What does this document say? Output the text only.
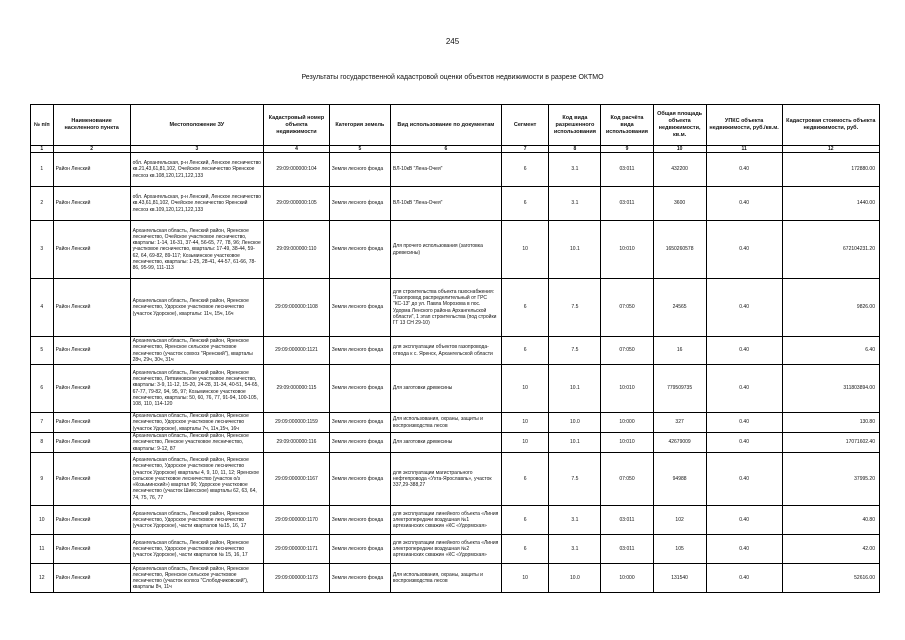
245
Результаты государственной кадастровой оценки объектов недвижимости в разрезе ОКТМО
№ п/п	Наименование населенного пункта	Местоположение ЗУ	Кадастровый номер объекта недвижимости	Категория земель	Вид использование по документам	Сегмент	Код вида разрешенного использования	Код расчёта вида использования	Общая площадь объекта недвижимости, кв.м.	УПКС объекта недвижимости, руб./кв.м.	Кадастровая стоимость объекта недвижимости, руб.
1	2	3	4	5	6	7	8	9	10	11	12
1	Район Ленский	обл. Архангельская, р-н Ленский, Ленское лесничество кв.21,43,61,81,102, Очейское лесничество Яренское лесхоз кв.108,120,121,122,133	29:09:000000:104	Земли лесного фонда	ВЛ-10кВ "Лена-Очея"	6	3.1	03:011	432200	0.40	172880.00
2	Район Ленский	обл. Архангельская, р-н Ленский, Ленское лесничество кв.43,61,81,102, Очейское лесничество Яренский лесхоз кв.109,120,121,122,133	29:09:000000:105	Земли лесного фонда	ВЛ-10кВ "Лена-Очея"	6	3.1	03:011	3600	0.40	1440.00
3	Район Ленский	Архангельская область, Ленский район, Яренское лесничество, Очейское участковое лесничество, кварталы: 1-14, 16-31, 37-44, 56-65, 77, 78, 96; Ленское участковое лесничество, кварталы: 17-49, 38-44, 59-62, 64, 69-82, 89-117; Козьминское участковое лесничество, кварталы: 1-25, 28-41, 44-57, 61-66, 78-86, 95-99, 111-113	29:09:000000:110	Земли лесного фонда	Для прочего использования (заготовка древесины)	10	10.1	10:010	1650260578	0.40	672104231.20
4	Район Ленский	Архангельская область, Ленский район, Яренское лесничество, Удорское участковое лесничество (участок Удорское), кварталы: 11ч, 15ч, 16ч	29:09:000000:1108	Земли лесного фонда	для строительства объекта газоснабжения: "Газопровод распределительный от ГРС "КС-13" до ул. Павла Морозова в пос. Удорма Ленского района Архангельской области", 1 этап строительства (под стройки ГГ 13 СН 29-10)	6	7.5	07:050	24565	0.40	9826.00
5	Район Ленский	Архангельская область, Ленский район, Яренское лесничество, Яренское сельское участковое лесничество (участок совхоз "Яренский"), кварталы 28ч, 29ч, 30ч, 31ч	29:09:000000:1121	Земли лесного фонда	для эксплуатации объектов газопровода-отвода к с. Яренск, Архангельской области	6	7.5	07:050	16	0.40	6.40
6	Район Ленский	Архангельская область, Ленский район, Яренское лесничество, Литвиновское участковое лесничество, кварталы: 3-9, 11-12, 15-20, 24-28, 31-34, 40-51, 54-65, 67-77, 79-82, 94, 95, 97; Козьминское участковое лесничество, кварталы: 50, 60, 76, 77, 91-94, 100-105, 108, 110, 114-120	29:09:000000:115	Земли лесного фонда	Для заготовки древесины	10	10.1	10:010	779509735	0.40	311803894.00
7	Район Ленский	Архангельская область, Ленский район, Яренское лесничество, Удорское участковое лесничество (участок Удорское), кварталы 7ч, 11ч,15ч, 16ч	29:09:000000:1159	Земли лесного фонда	Для использования, охраны, защиты и воспроизводства лесов	10	10.0	10:000	327	0.40	130.80
8	Район Ленский	Архангельская область, Ленский район, Яренское лесничество, Ленское участковое лесничество, кварталы: 9-12, 87	29:09:000000:116	Земли лесного фонда	Для заготовки древесины	10	10.1	10:010	42679009	0.40	17071602.40
9	Район Ленский	Архангельская область, Ленский район, Яренское лесничество, Удорское участковое лесничество (участок Удорское) кварталы 4, 9, 10, 11, 12; Яренское сельское участковое лесничество (участок о/з «Козьминский») квартал 96; Удорское участковое лесничество (участок Шиесское) кварталы 62, 63, 64, 74, 75, 76, 77	29:09:000000:1167	Земли лесного фонда	для эксплуатации магистрального нефтепровода «Ухта-Ярославль», участок 337,29-388,27	6	7.5	07:050	94988	0.40	37995.20
10	Район Ленский	Архангельская область, Ленский район, Яренское лесничество, Удорское участковое лесничество (участок Удорское), части кварталов №15, 16, 17	29:09:000000:1170	Земли лесного фонда	для эксплуатации линейного объекта «Линия электропередачи воздушная №1 артезианских скважин «КС «Удормская»	6	3.1	03:011	102	0.40	40.80
11	Район Ленский	Архангельская область, Ленский район, Яренское лесничество, Удорское участковое лесничество (участок Удорское), части кварталов № 15, 16, 17	29:09:000000:1171	Земли лесного фонда	для эксплуатации линейного объекта «Линия электропередачи воздушная №2 артезианских скважин «КС «Удормская»	6	3.1	03:011	105	0.40	42.00
12	Район Ленский	Архангельская область, Ленский район, Яренское лесничество, Яренское сельское участковое лесничество (участок колхоз "Слободчиковский"), кварталы 8ч, 11ч	29:09:000000:1173	Земли лесного фонда	Для использования, охраны, защиты и воспроизводства лесов	10	10.0	10:000	131540	0.40	52616.00
